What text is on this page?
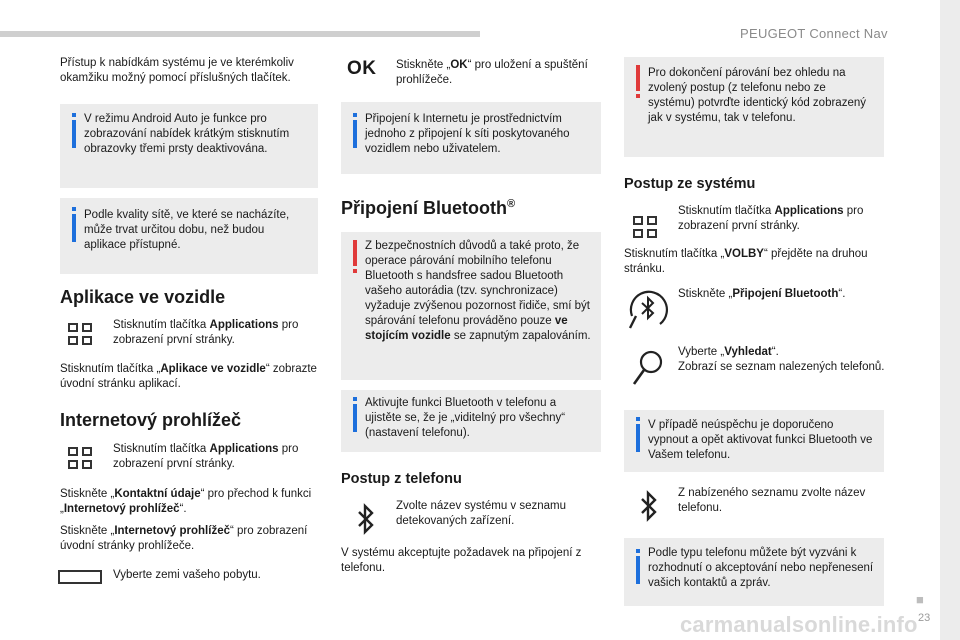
PEUGEOT Connect Nav
Přístup k nabídkám systému je ve kterémkoliv okamžiku možný pomocí příslušných tlačítek.
V režimu Android Auto je funkce pro zobrazování nabídek krátkým stisknutím obrazovky třemi prsty deaktivována.
Podle kvality sítě, ve které se nacházíte, může trvat určitou dobu, než budou aplikace přístupné.
Aplikace ve vozidle
Stisknutím tlačítka Applications pro zobrazení první stránky.
Stisknutím tlačítka „Aplikace ve vozidle“ zobrazte úvodní stránku aplikací.
Internetový prohlížeč
Stisknutím tlačítka Applications pro zobrazení první stránky.
Stiskněte „Kontaktní údaje“ pro přechod k funkci „Internetový prohlížeč“.
Stiskněte „Internetový prohlížeč“ pro zobrazení úvodní stránky prohlížeče.
Vyberte zemi vašeho pobytu.
OK Stiskněte „OK“ pro uložení a spuštění prohlížeče.
Připojení k Internetu je prostřednictvím jednoho z připojení k síti poskytovaného vozidlem nebo uživatelem.
Připojení Bluetooth®
Z bezpečnostních důvodů a také proto, že operace párování mobilního telefonu Bluetooth s handsfree sadou Bluetooth vašeho autorádia (tzv. synchronizace) vyžaduje zvýšenou pozornost řidiče, smí být spárování telefonu prováděno pouze ve stojícím vozidle se zapnutým zapalováním.
Aktivujte funkci Bluetooth v telefonu a ujistěte se, že je „viditelný pro všechny“ (nastavení telefonu).
Postup z telefonu
Zvolte název systému v seznamu detekovaných zařízení.
V systému akceptujte požadavek na připojení z telefonu.
Pro dokončení párování bez ohledu na zvolený postup (z telefonu nebo ze systému) potvrďte identický kód zobrazený jak v systému, tak v telefonu.
Postup ze systému
Stisknutím tlačítka Applications pro zobrazení první stránky.
Stisknutím tlačítka „VOLBY“ přejděte na druhou stránku.
Stiskněte „Připojení Bluetooth“.
Vyberte „Vyhledat“.
Zobrazí se seznam nalezených telefonů.
V případě neúspěchu je doporučeno vypnout a opět aktivovat funkci Bluetooth ve Vašem telefonu.
Z nabízeného seznamu zvolte název telefonu.
Podle typu telefonu můžete být vyzváni k rozhodnutí o akceptování nebo nepřenesení vašich kontaktů a zpráv.
■
carmanualsonline.info 23
